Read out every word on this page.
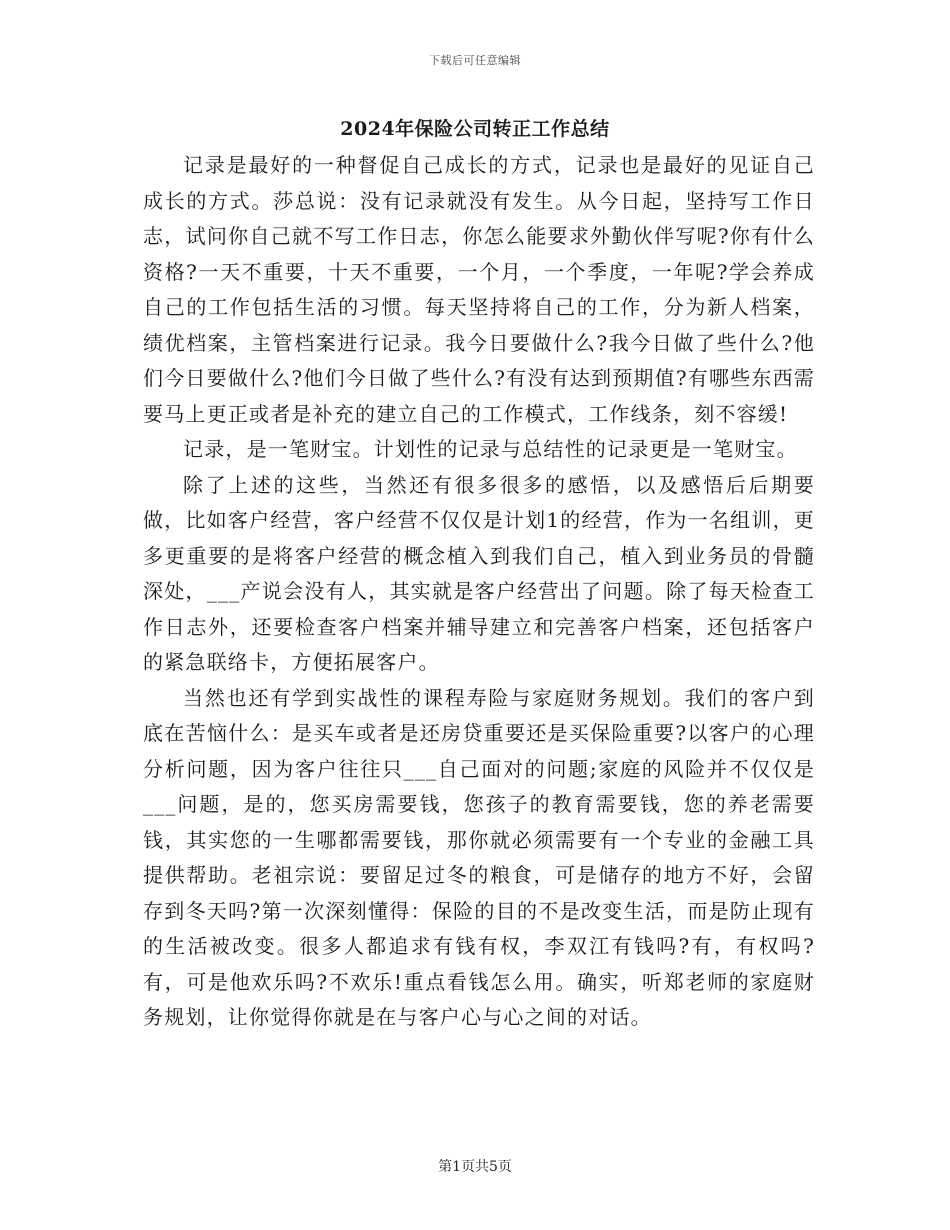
下载后可任意编辑
2024年保险公司转正工作总结

记录是最好的一种督促自己成长的方式，记录也是最好的见证自己成长的方式。莎总说：没有记录就没有发生。从今日起，坚持写工作日志，试问你自己就不写工作日志，你怎么能要求外勤伙伴写呢?你有什么资格?一天不重要，十天不重要，一个月，一个季度，一年呢?学会养成自己的工作包括生活的习惯。每天坚持将自己的工作，分为新人档案，绩优档案，主管档案进行记录。我今日要做什么?我今日做了些什么?他们今日要做什么?他们今日做了些什么?有没有达到预期值?有哪些东西需要马上更正或者是补充的建立自己的工作模式，工作线条，刻不容缓!

记录，是一笔财宝。计划性的记录与总结性的记录更是一笔财宝。

除了上述的这些，当然还有很多很多的感悟，以及感悟后后期要做，比如客户经营，客户经营不仅仅是计划1的经营，作为一名组训，更多更重要的是将客户经营的概念植入到我们自己，植入到业务员的骨髓深处，___产说会没有人，其实就是客户经营出了问题。除了每天检查工作日志外，还要检查客户档案并辅导建立和完善客户档案，还包括客户的紧急联络卡，方便拓展客户。

当然也还有学到实战性的课程寿险与家庭财务规划。我们的客户到底在苦恼什么：是买车或者是还房贷重要还是买保险重要?以客户的心理分析问题，因为客户往往只___自己面对的问题;家庭的风险并不仅仅是___问题，是的，您买房需要钱，您孩子的教育需要钱，您的养老需要钱，其实您的一生哪都需要钱，那你就必须需要有一个专业的金融工具提供帮助。老祖宗说：要留足过冬的粮食，可是储存的地方不好，会留存到冬天吗?第一次深刻懂得：保险的目的不是改变生活，而是防止现有的生活被改变。很多人都追求有钱有权，李双江有钱吗?有，有权吗?有，可是他欢乐吗?不欢乐!重点看钱怎么用。确实，听郑老师的家庭财务规划，让你觉得你就是在与客户心与心之间的对话。

第1页共5页
